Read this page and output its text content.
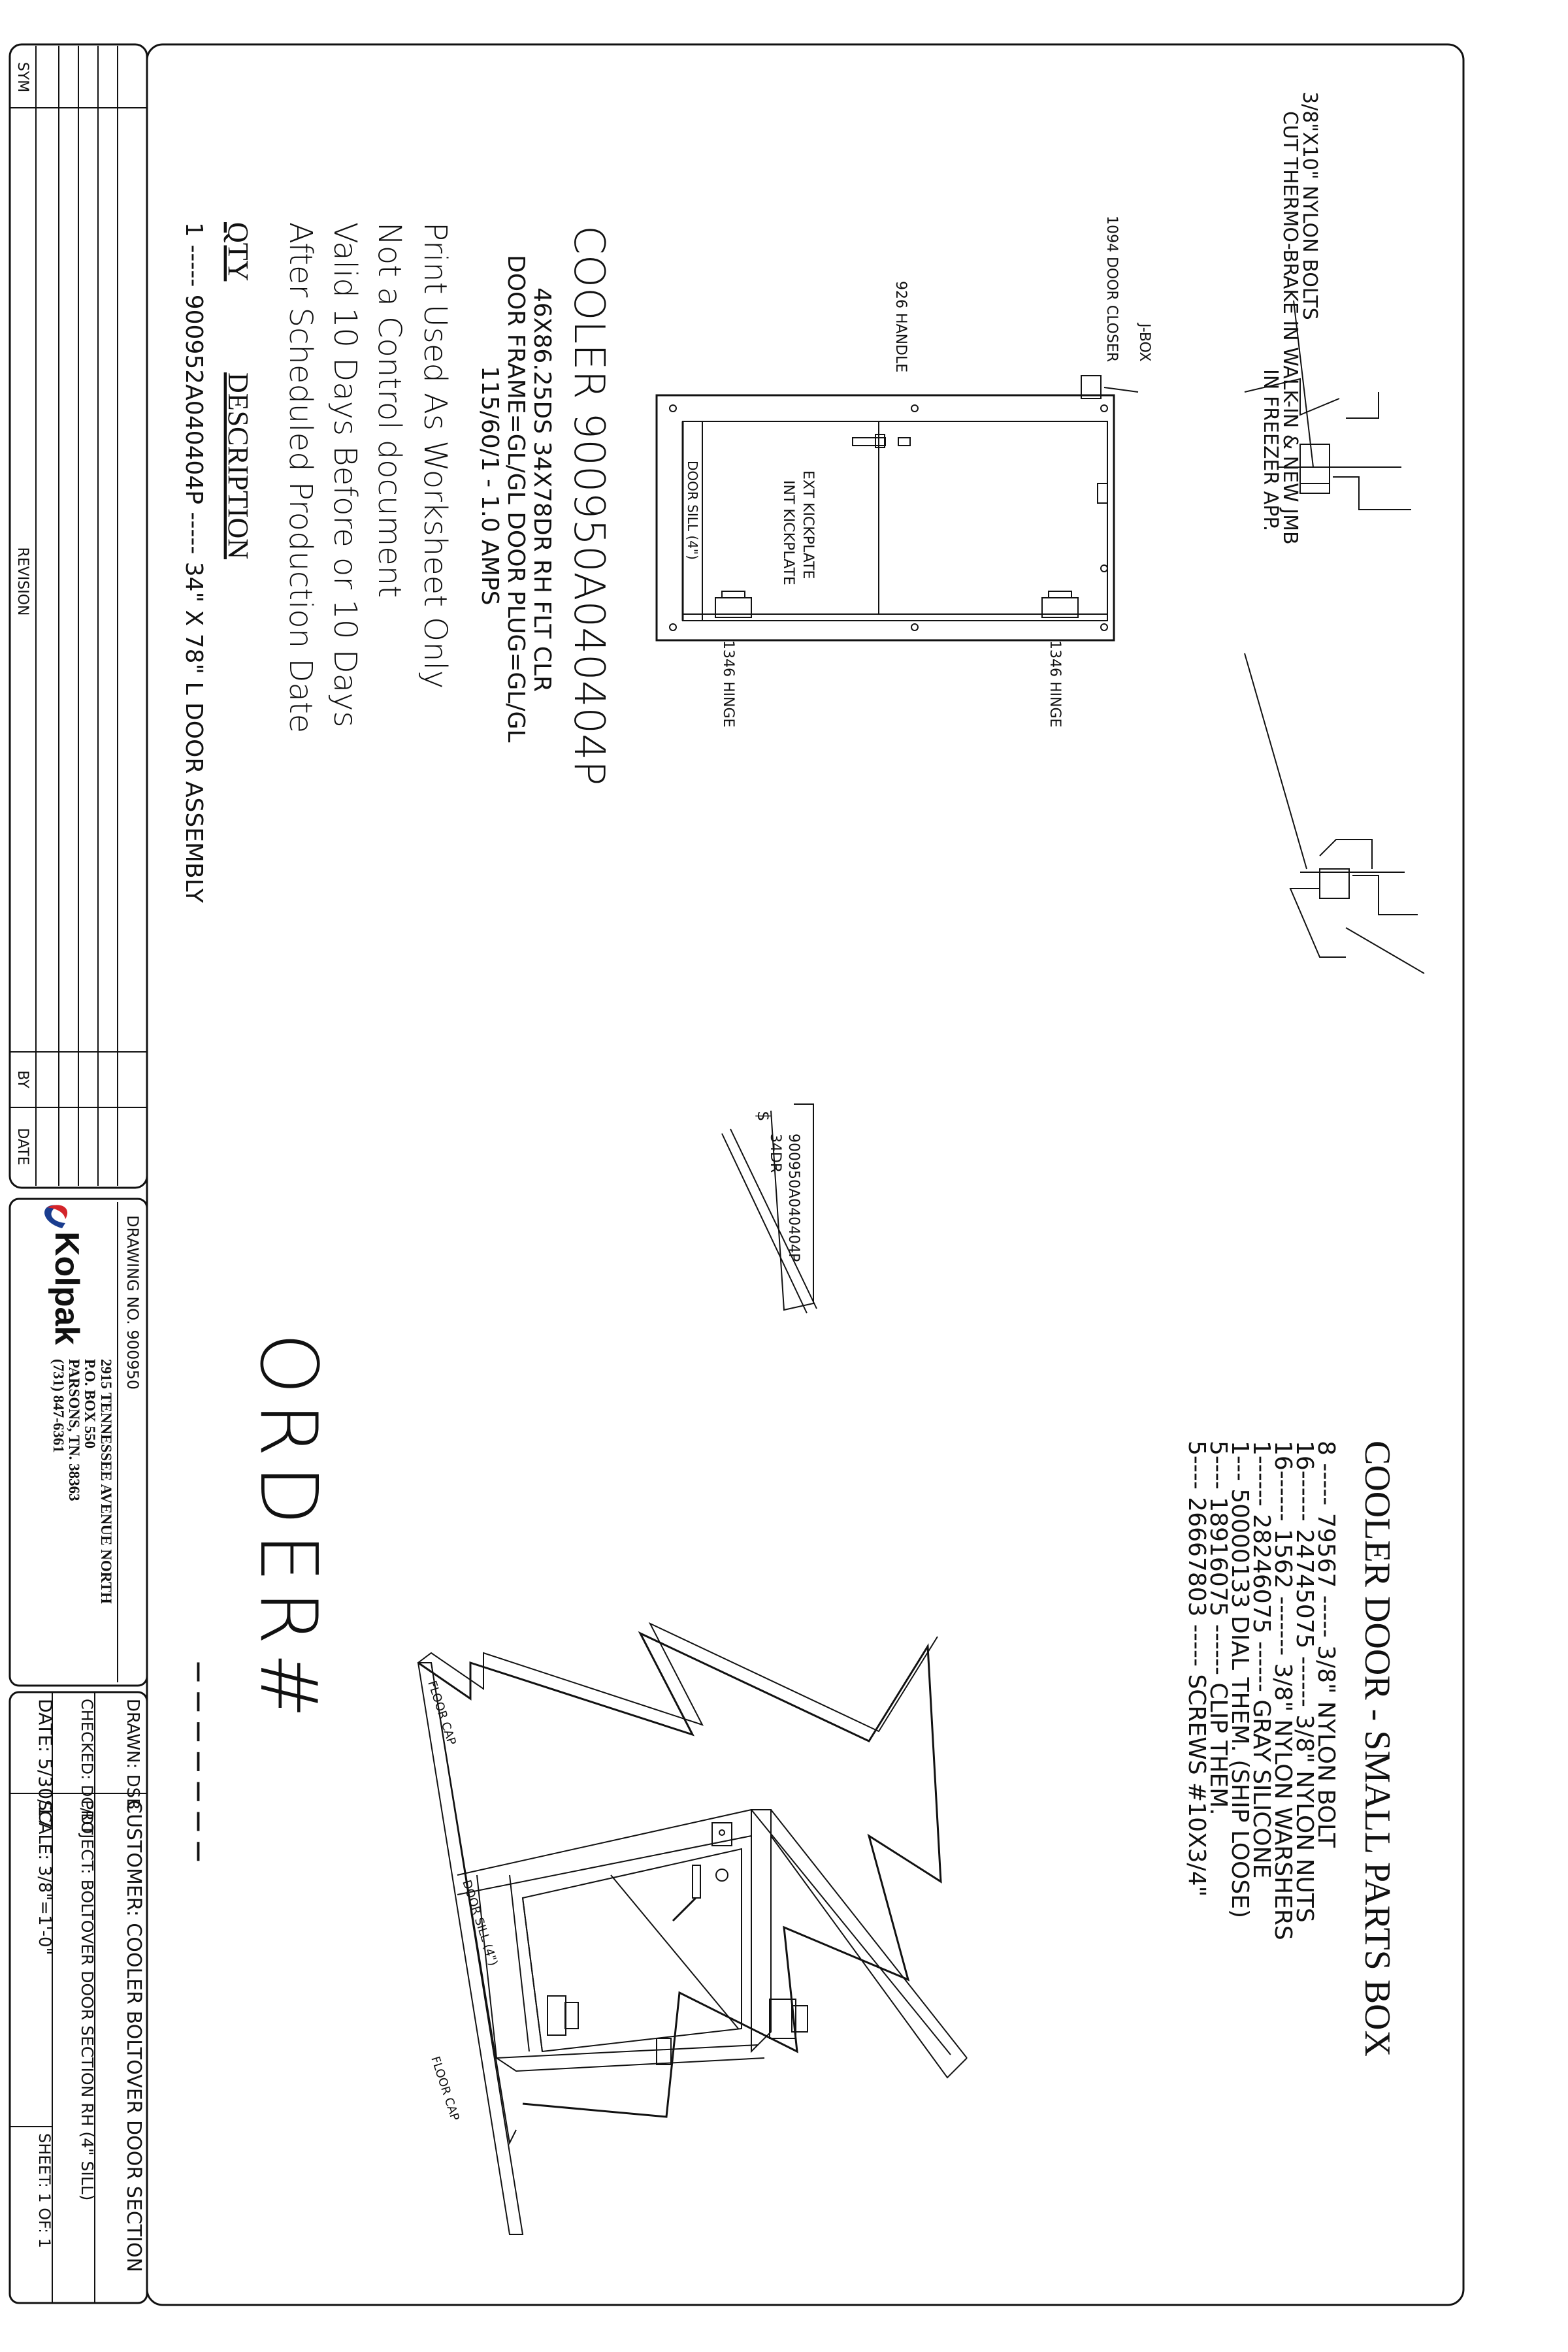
SYM
REVISION
BY
DATE
DRAWING NO. 900950
Kolpak
2915 TENNESSEE AVENUE NORTH
P.O. BOX 550
PARSONS, TN. 38363
(731) 847-6361
DRAWN: DSB
CHECKED: DC/DT
DATE: 5/30/17
CUSTOMER: COOLER BOLTOVER DOOR SECTION
PROJECT: BOLTOVER DOOR SECTION RH (4" SILL)
SCALE: 3/8"=1'-0"
SHEET: 1 OF: 1
QTY
DESCRIPTION
1 ----- 900952A040404P ----- 34" X 78" L DOOR ASSEMBLY	Print Used As Worksheet Only
Not a Control document
Valid 10 Days Before or 10 Days
After Scheduled Production Date	COOLER 900950A040404P
46X86.25DS 34X78DR RH FLT CLR
DOOR FRAME=GL/GL DOOR PLUG=GL/GL
115/60/1 - 1.0 AMPS
J-BOX
1094 DOOR CLOSER
926 HANDLE
1346 HINGE
1346 HINGE
EXT KICKPLATE
INT KICKPLATE
DOOR SILL (4")
3/8"X10" NYLON BOLTS
CUT THERMO-BRAKE IN WALK-IN & NEW JMB
IN FREEZER APP.
COOLER DOOR - SMALL PARTS BOX
8 ----- 79567 ----- 3/8" NYLON BOLT
16------ 24745075 ------ 3/8" NYLON NUTS
16------ 1562 ------- 3/8" NYLON WARSHERS
1------ 28246075 ------ GRAY SILICONE
1--- 50000133 DIAL THEM. (SHIP LOOSE)
5---- 18916075 ------ CLIP THEM.
5---- 26667803 ----- SCREWS #10X3/4"
900950A040404P
34DR
$
ORDER#
_ _ _ _ _ _ _	FLOOR CAP
FLOOR CAP
DOOR SILL (4")
